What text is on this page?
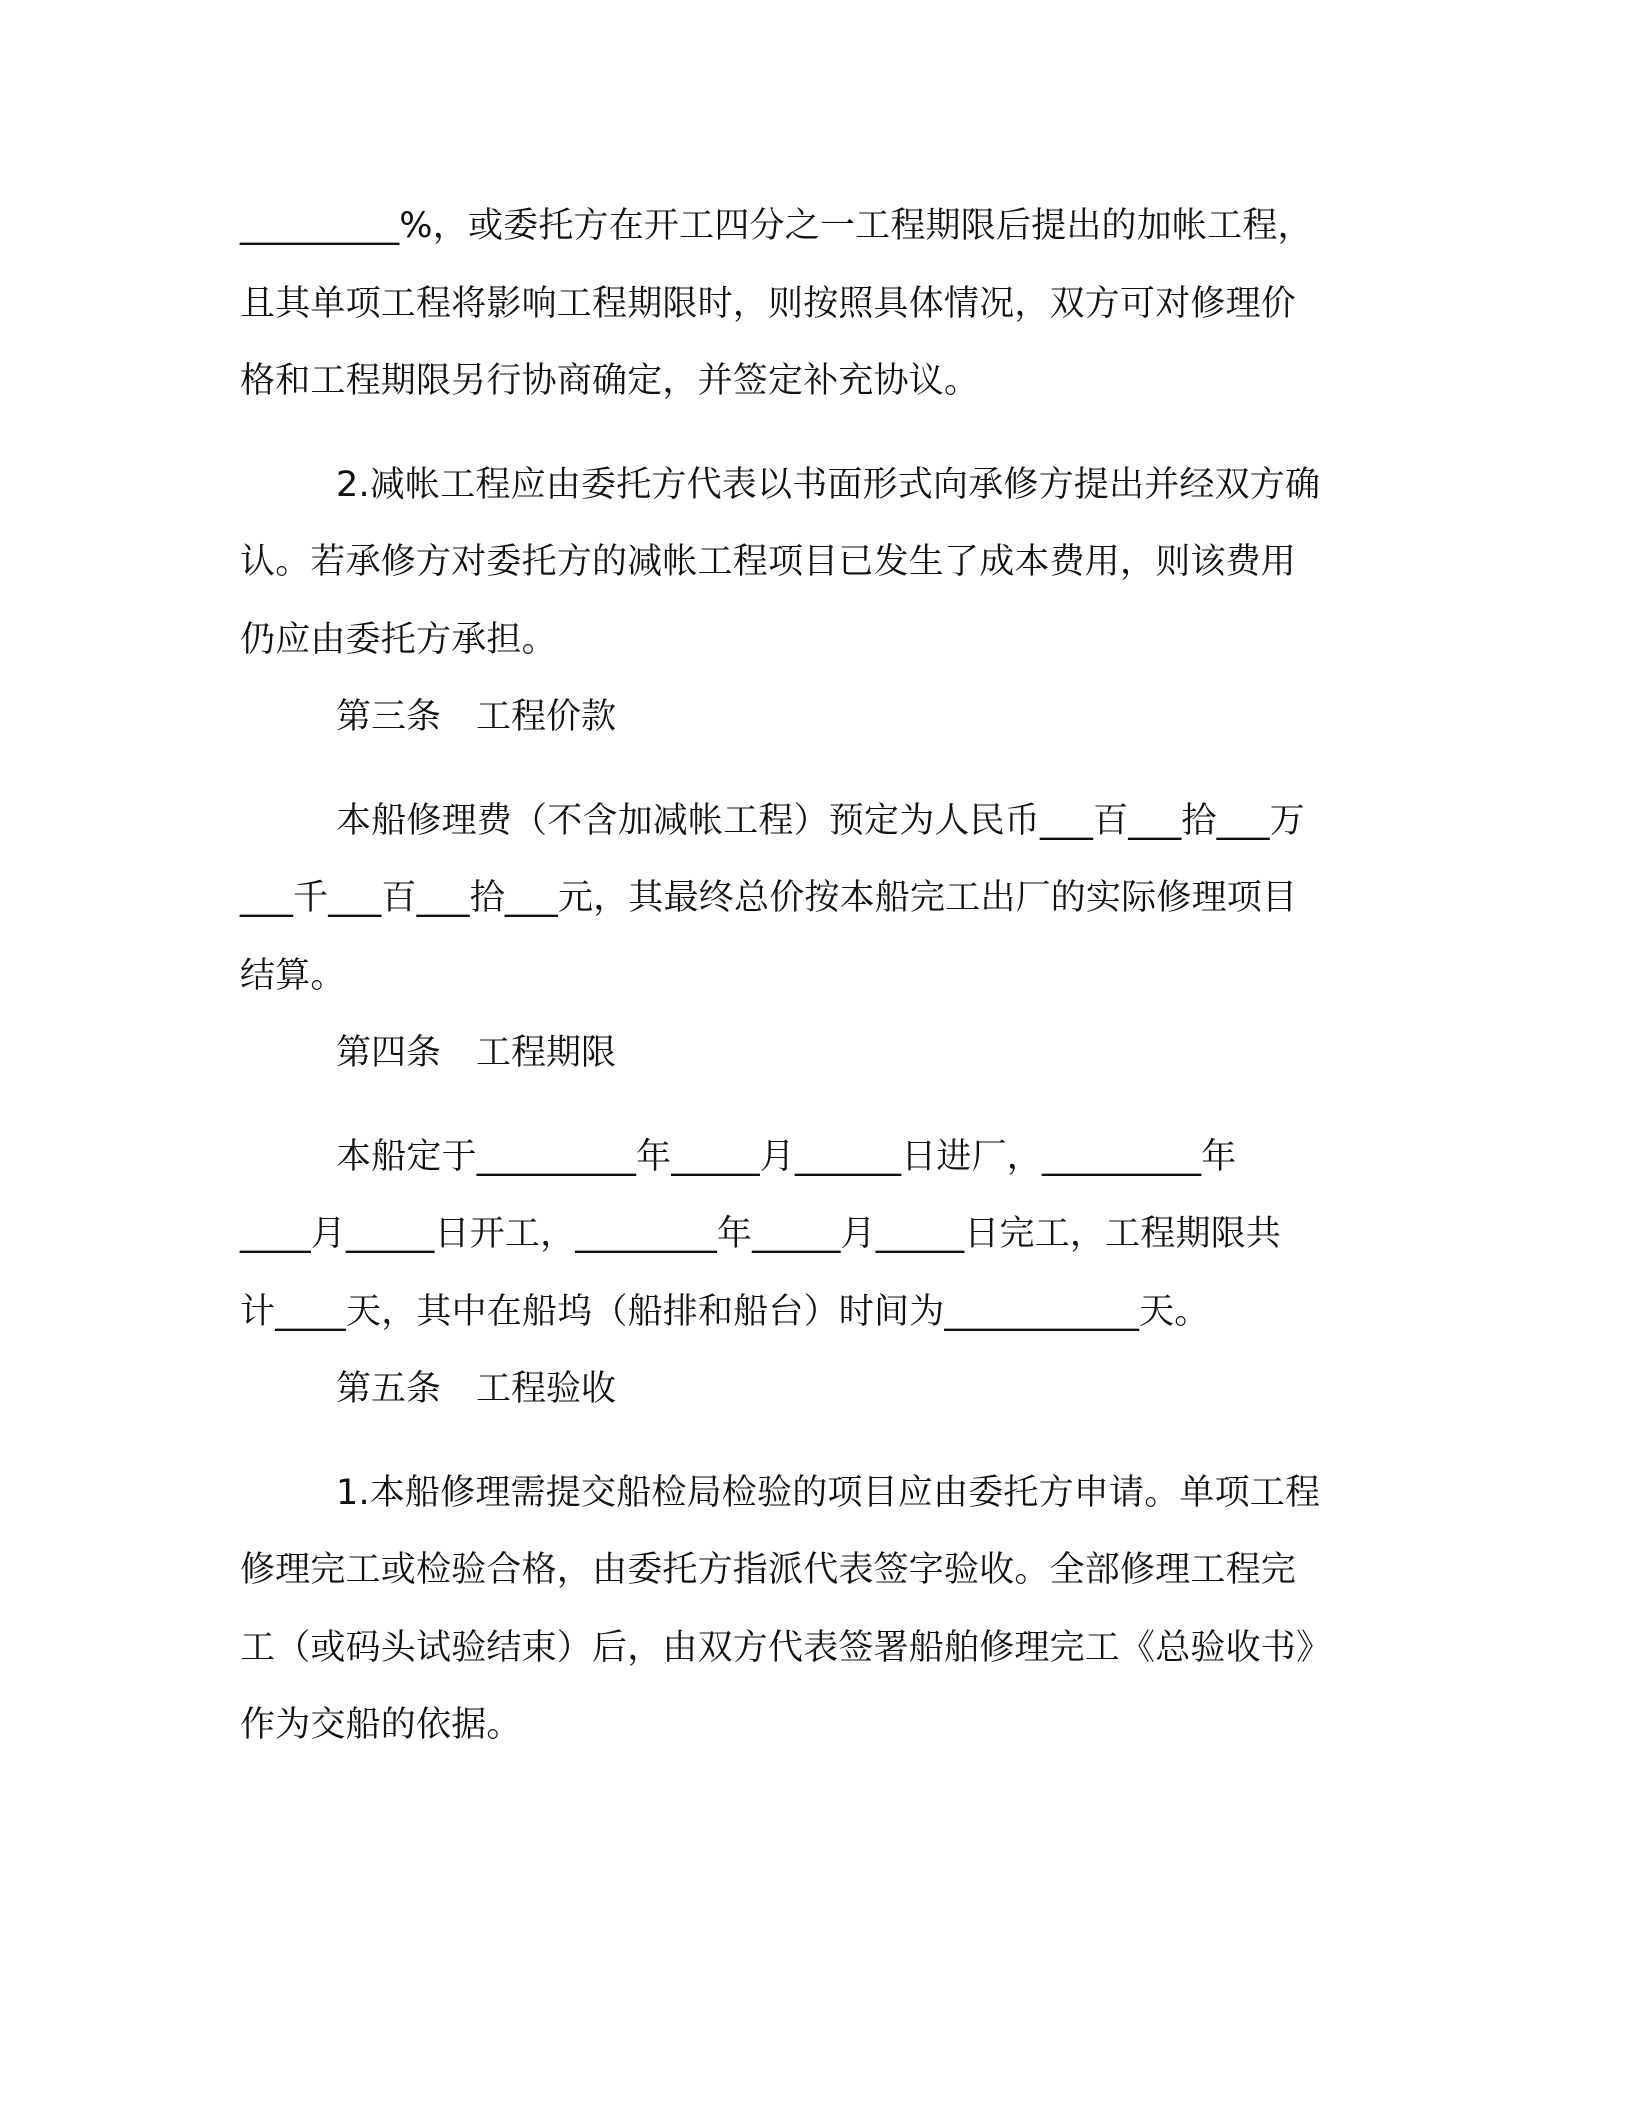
_________%，或委托方在开工四分之一工程期限后提出的加帐工程，
且其单项工程将影响工程期限时，则按照具体情况，双方可对修理价
格和工程期限另行协商确定，并签定补充协议。
2.减帐工程应由委托方代表以书面形式向承修方提出并经双方确
认。若承修方对委托方的减帐工程项目已发生了成本费用，则该费用
仍应由委托方承担。
第三条　工程价款
本船修理费（不含加减帐工程）预定为人民币___百___拾___万
___千___百___拾___元，其最终总价按本船完工出厂的实际修理项目
结算。
第四条　工程期限
本船定于_________年_____月______日进厂，_________年
____月_____日开工，________年_____月_____日完工，工程期限共
计____天，其中在船坞（船排和船台）时间为___________天。
第五条　工程验收
1.本船修理需提交船检局检验的项目应由委托方申请。单项工程
修理完工或检验合格，由委托方指派代表签字验收。全部修理工程完
工（或码头试验结束）后，由双方代表签署船舶修理完工《总验收书》
作为交船的依据。
